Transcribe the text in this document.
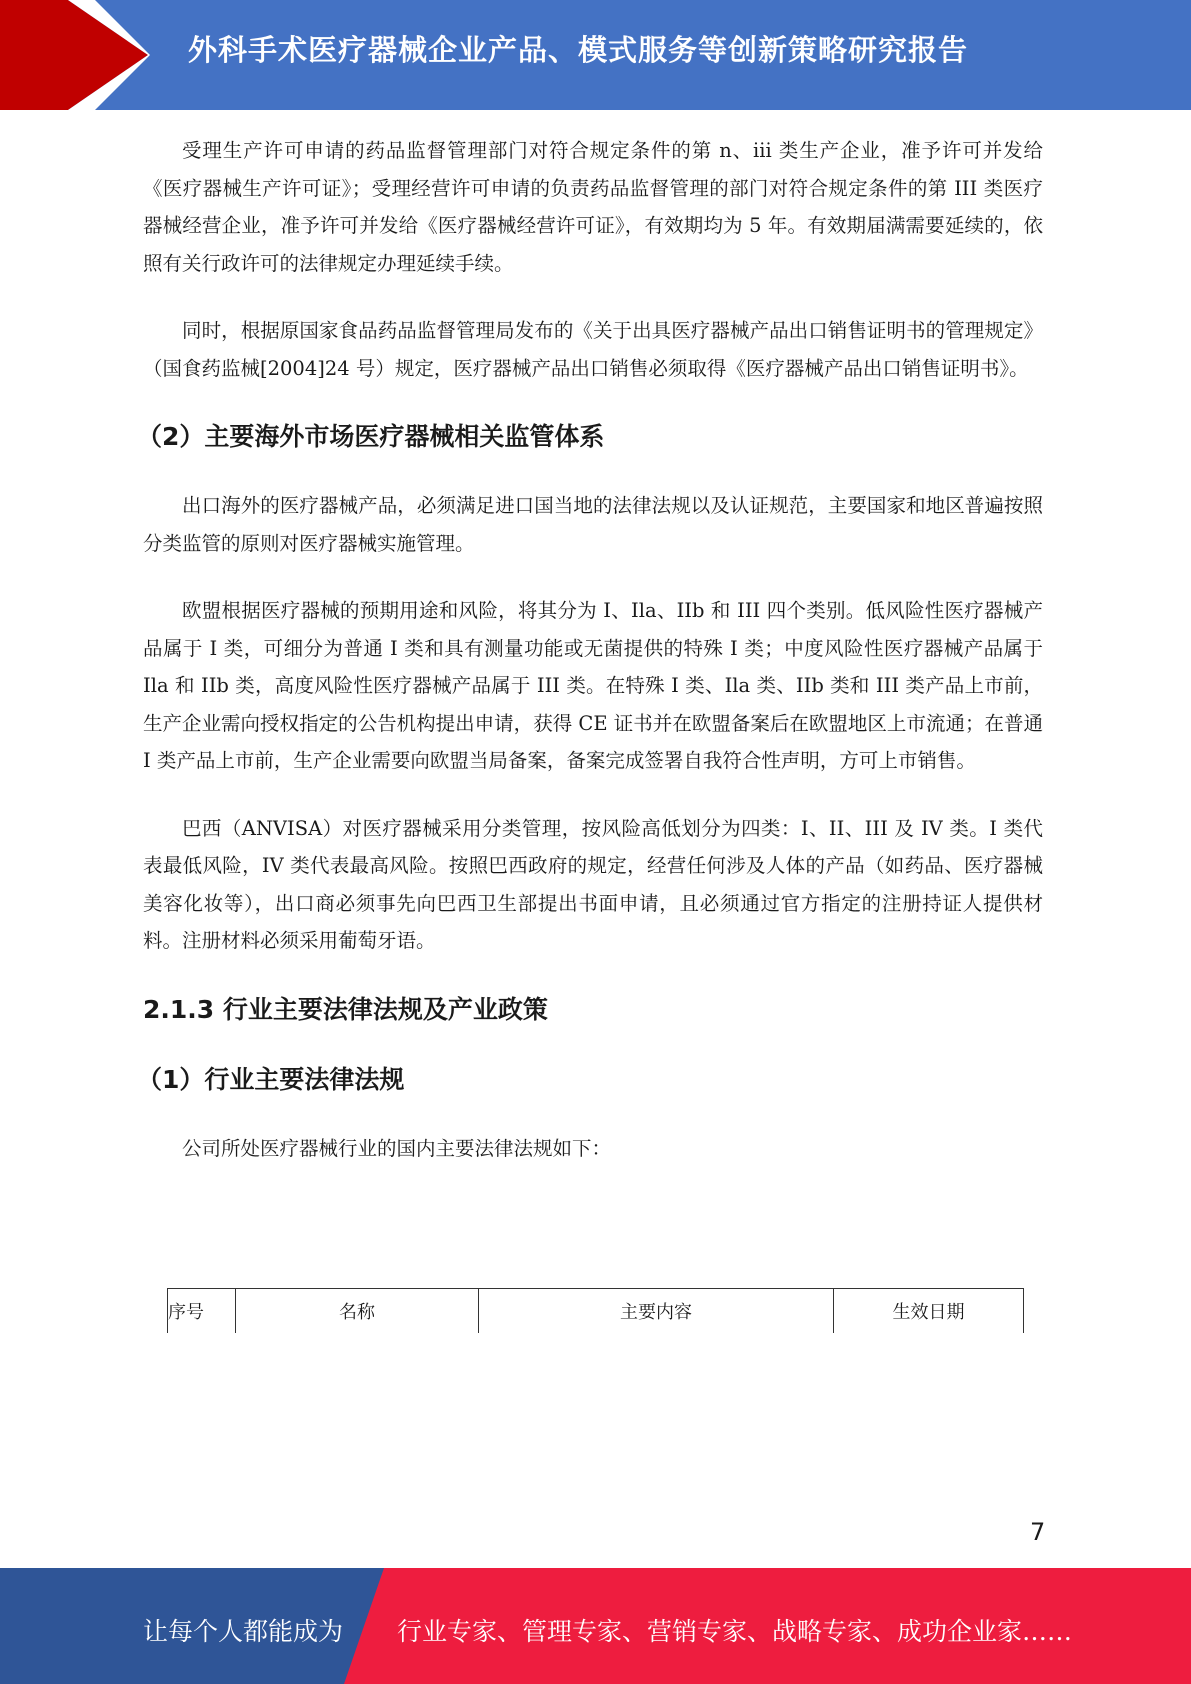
外科手术医疗器械企业产品、模式服务等创新策略研究报告

受理生产许可申请的药品监督管理部门对符合规定条件的第 n、iii 类生产企业，准予许可并发给《医疗器械生产许可证》；受理经营许可申请的负责药品监督管理的部门对符合规定条件的第 III 类医疗器械经营企业，准予许可并发给《医疗器械经营许可证》，有效期均为 5 年。有效期届满需要延续的，依照有关行政许可的法律规定办理延续手续。

同时，根据原国家食品药品监督管理局发布的《关于出具医疗器械产品出口销售证明书的管理规定》（国食药监械[2004]24 号）规定，医疗器械产品出口销售必须取得《医疗器械产品出口销售证明书》。

（2）主要海外市场医疗器械相关监管体系

出口海外的医疗器械产品，必须满足进口国当地的法律法规以及认证规范，主要国家和地区普遍按照分类监管的原则对医疗器械实施管理。

欧盟根据医疗器械的预期用途和风险，将其分为 I、Ila、IIb 和 III 四个类别。低风险性医疗器械产品属于 I 类，可细分为普通 I 类和具有测量功能或无菌提供的特殊 I 类；中度风险性医疗器械产品属于 Ila 和 IIb 类，高度风险性医疗器械产品属于 III 类。在特殊 I 类、Ila 类、IIb 类和 III 类产品上市前，生产企业需向授权指定的公告机构提出申请，获得 CE 证书并在欧盟备案后在欧盟地区上市流通；在普通 I 类产品上市前，生产企业需要向欧盟当局备案，备案完成签署自我符合性声明，方可上市销售。

巴西（ANVISA）对医疗器械采用分类管理，按风险高低划分为四类：I、II、III 及 IV 类。I 类代表最低风险，IV 类代表最高风险。按照巴西政府的规定，经营任何涉及人体的产品（如药品、医疗器械美容化妆等），出口商必须事先向巴西卫生部提出书面申请，且必须通过官方指定的注册持证人提供材料。注册材料必须采用葡萄牙语。

2.1.3 行业主要法律法规及产业政策
（1）行业主要法律法规

公司所处医疗器械行业的国内主要法律法规如下：

序号	名称	主要内容	生效日期
7
让每个人都能成为 行业专家、管理专家、营销专家、战略专家、成功企业家……
